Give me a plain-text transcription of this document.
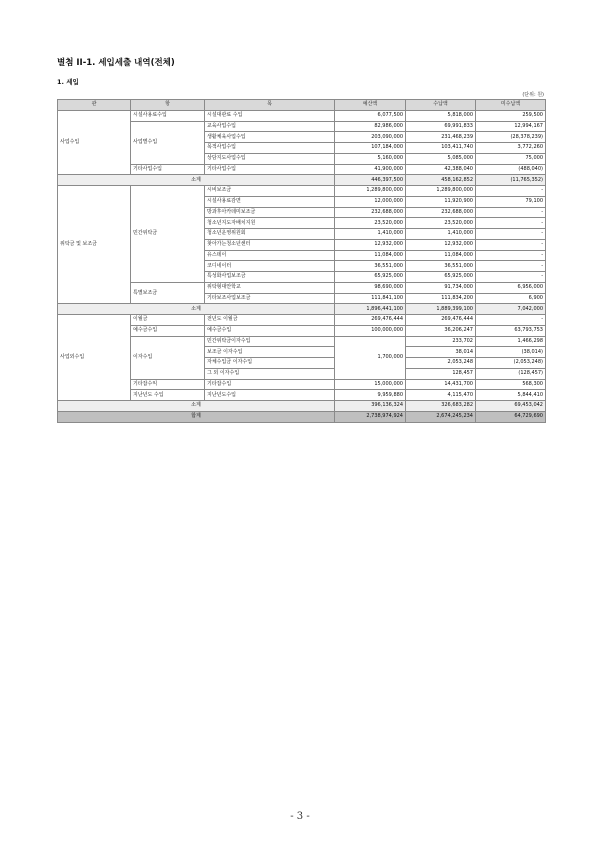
별첨 II-1. 세입세출 내역(전체)
1. 세입
(단위: 원)
관	항	목	예산액	수납액	미수납액
사업수입	시설사용료수입	시설대관료 수입	6,077,500	5,818,000	259,500
	사업별수입	교육사업수입	82,986,000	69,991,833	12,994,167
		생활체육사업수입	203,090,000	231,468,239	(28,378,239)
		목적사업수입	107,184,000	103,411,740	3,772,260
		상담지도사업수입	5,160,000	5,085,000	75,000
	기타사업수입	기타사업수입	41,900,000	42,388,040	(488,040)
소계			446,397,500	458,162,852	(11,765,352)
위탁금 및 보조금	민간위탁금	시비보조금	1,289,800,000	1,289,800,000	-
		시설사용료감면	12,000,000	11,920,900	79,100
		방과후아카데미보조금	232,688,000	232,688,000	-
		청소년지도자배치지원	23,520,000	23,520,000	-
		청소년운영위원회	1,410,000	1,410,000	-
		찾아가는청소년센터	12,932,000	12,932,000	-
		유스데이	11,084,000	11,084,000	-
		코디네이터	36,551,000	36,551,000	-
		특성화사업보조금	65,925,000	65,925,000	-
	특별보조금	위탁형대안학교	98,690,000	91,734,000	6,956,000
		기타보조사업보조금	111,841,100	111,834,200	6,900
소계			1,896,441,100	1,889,399,100	7,042,000
사업외수입	이월금	전년도 이월금	269,476,444	269,476,444	-
	예수금수입	예수금수입	100,000,000	36,206,247	63,793,753
	이자수입	민간위탁금이자수입	1,700,000	233,702	1,466,298
		보조금 이자수입		38,014	(38,014)
		자체수입금 이자수입		2,053,248	(2,053,248)
		그 외 이자수입		128,457	(128,457)
	기타잡수익	기타잡수입	15,000,000	14,431,700	568,300
	지난년도 수입	지난년도수입	9,959,880	4,115,470	5,844,410
소계			396,136,324	326,683,282	69,453,042
합계			2,738,974,924	2,674,245,234	64,729,690
- 3 -
